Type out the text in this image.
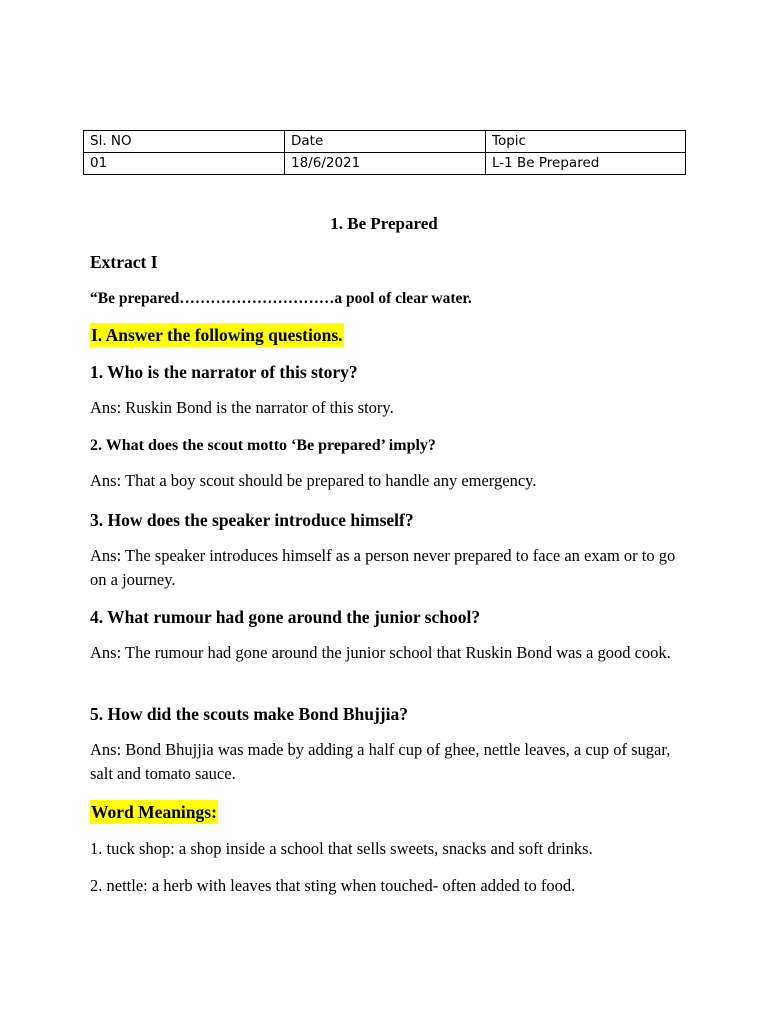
Sl. NO	Date	Topic
01	18/6/2021	L-1 Be Prepared
1. Be Prepared
Extract I
“Be prepared…………………………a pool of clear water.
I. Answer the following questions.
1. Who is the narrator of this story?
Ans: Ruskin Bond is the narrator of this story.
2. What does the scout motto ‘Be prepared’ imply?
Ans: That a boy scout should be prepared to handle any emergency.
3. How does the speaker introduce himself?
Ans: The speaker introduces himself as a person never prepared to face an exam or to go on a journey.
4. What rumour had gone around the junior school?
Ans: The rumour had gone around the junior school that Ruskin Bond was a good cook.
5. How did the scouts make Bond Bhujjia?
Ans: Bond Bhujjia was made by adding a half cup of ghee, nettle leaves, a cup of sugar, salt and tomato sauce.
Word Meanings:
1. tuck shop: a shop inside a school that sells sweets, snacks and soft drinks.
2. nettle: a herb with leaves that sting when touched- often added to food.
